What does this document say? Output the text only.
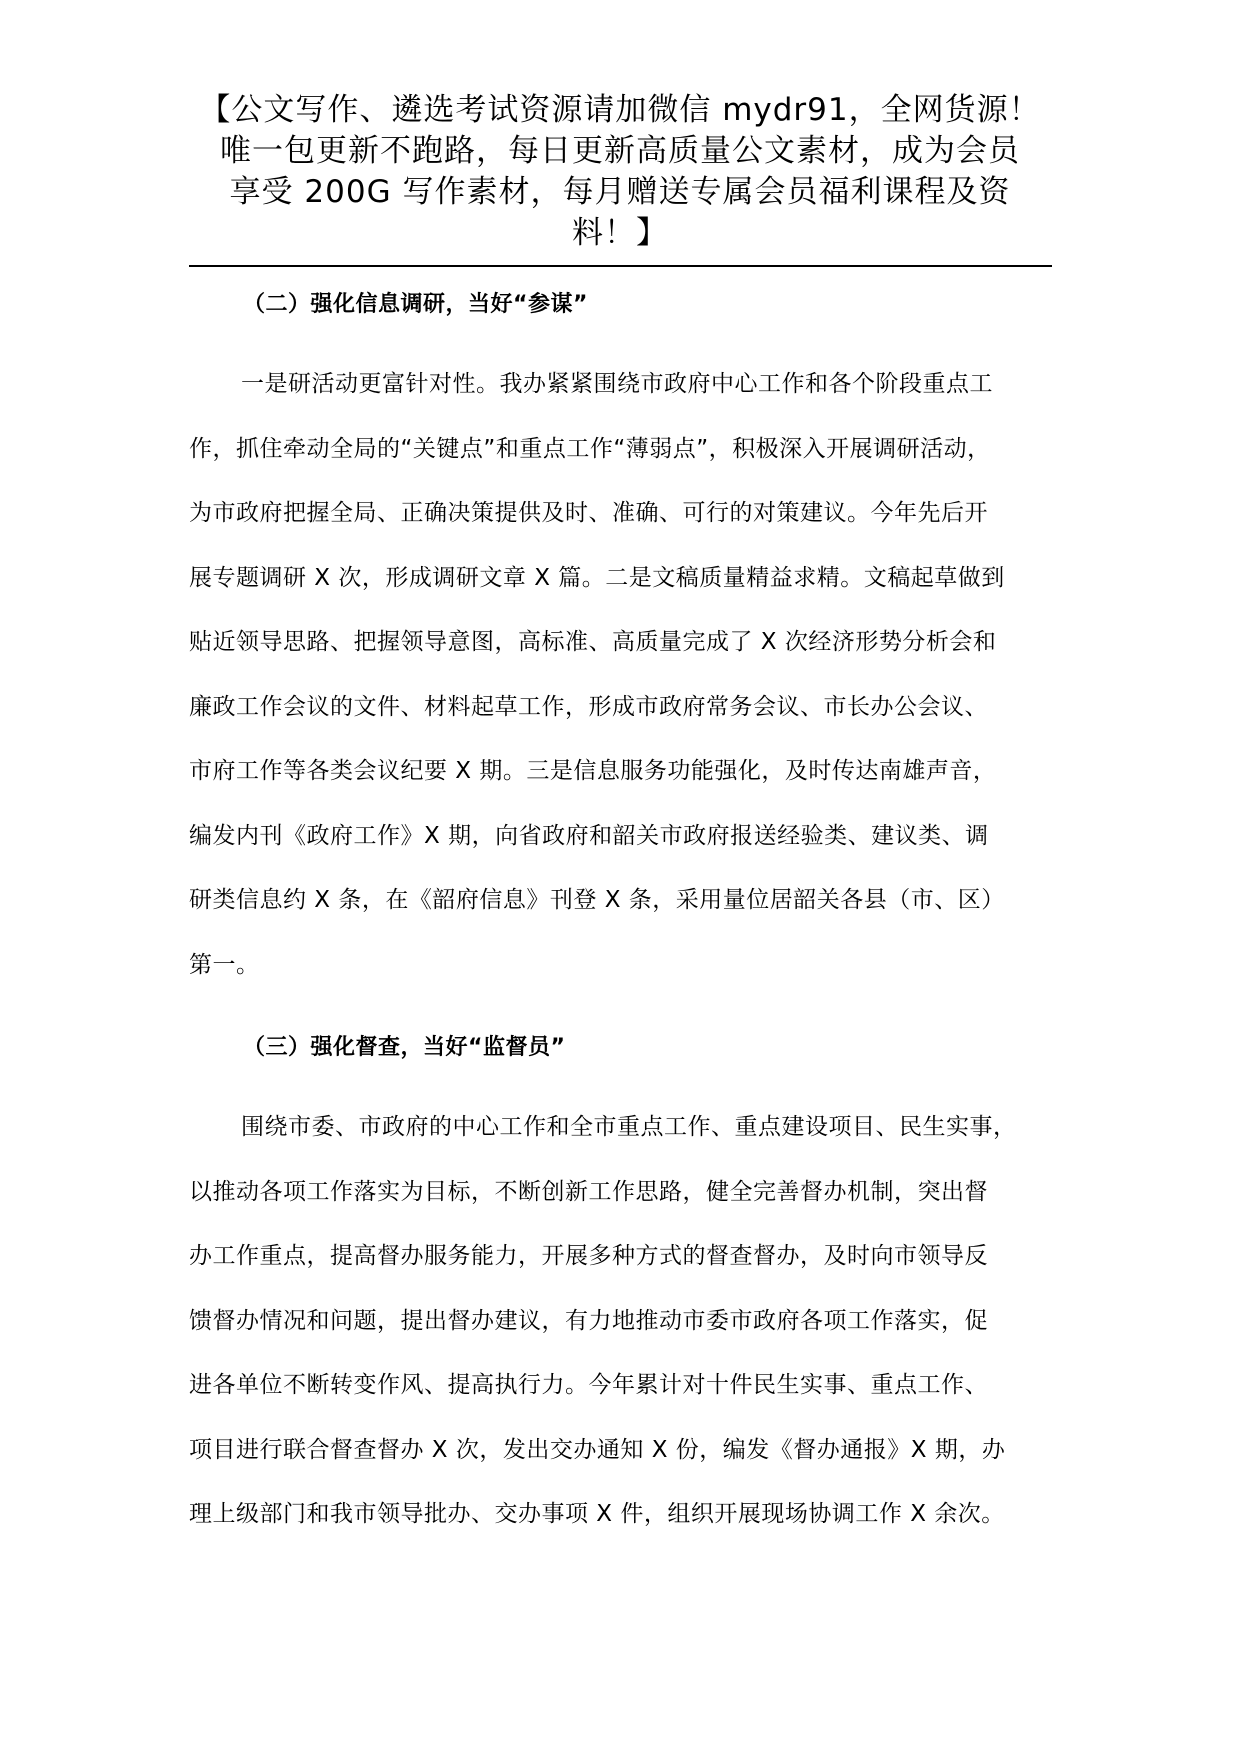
【公文写作、遴选考试资源请加微信 mydr91，全网货源！
唯一包更新不跑路，每日更新高质量公文素材，成为会员
享受 200G 写作素材，每月赠送专属会员福利课程及资
料！】
（二）强化信息调研，当好“参谋”
一是研活动更富针对性。我办紧紧围绕市政府中心工作和各个阶段重点工
作，抓住牵动全局的“关键点”和重点工作“薄弱点”，积极深入开展调研活动，
为市政府把握全局、正确决策提供及时、准确、可行的对策建议。今年先后开
展专题调研 X 次，形成调研文章 X 篇。二是文稿质量精益求精。文稿起草做到
贴近领导思路、把握领导意图，高标准、高质量完成了 X 次经济形势分析会和
廉政工作会议的文件、材料起草工作，形成市政府常务会议、市长办公会议、
市府工作等各类会议纪要 X 期。三是信息服务功能强化，及时传达南雄声音，
编发内刊《政府工作》X 期，向省政府和韶关市政府报送经验类、建议类、调
研类信息约 X 条，在《韶府信息》刊登 X 条，采用量位居韶关各县（市、区）
第一。
（三）强化督查，当好“监督员”
围绕市委、市政府的中心工作和全市重点工作、重点建设项目、民生实事，
以推动各项工作落实为目标，不断创新工作思路，健全完善督办机制，突出督
办工作重点，提高督办服务能力，开展多种方式的督查督办，及时向市领导反
馈督办情况和问题，提出督办建议，有力地推动市委市政府各项工作落实，促
进各单位不断转变作风、提高执行力。今年累计对十件民生实事、重点工作、
项目进行联合督查督办 X 次，发出交办通知 X 份，编发《督办通报》X 期，办
理上级部门和我市领导批办、交办事项 X 件，组织开展现场协调工作 X 余次。
